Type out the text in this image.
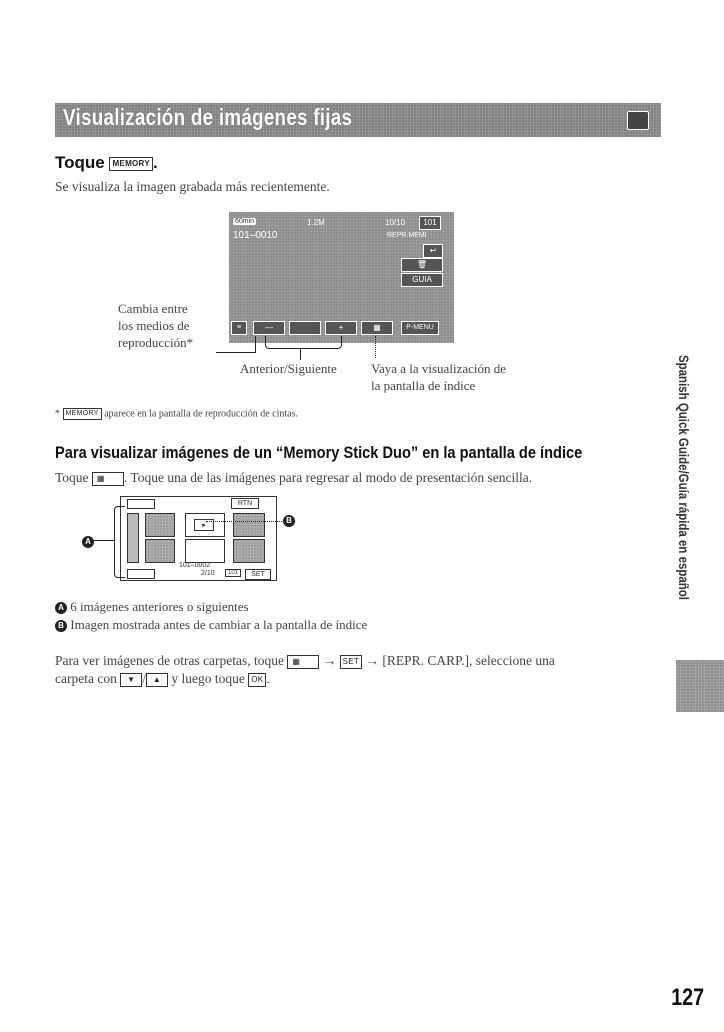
Visualización de imágenes fijas
Toque MEMORY .
Se visualiza la imagen grabada más recientemente.
60min	1.2M	10/10	101
101–0010	REPR.MEMI
↩
🗑
GUIA
≡	—	+	▦	P-MENU
Cambia entre
los medios de
reproducción*
Anterior/Siguiente	Vaya a la visualización de
la pantalla de índice
* MEMORY aparece en la pantalla de reproducción de cintas.
Para visualizar imágenes de un “Memory Stick Duo” en la pantalla de índice
Toque ▦ . Toque una de las imágenes para regresar al modo de presentación sencilla.
RTN
▸
101–0002
2/10	101	SET
A
B
A 6 imágenes anteriores o siguientes
B Imagen mostrada antes de cambiar a la pantalla de índice
Para ver imágenes de otras carpetas, toque ▦ → SET → [REPR. CARP.], seleccione una
carpeta con ▼ / ▲ y luego toque OK .
Spanish Quick Guide/Guía rápida en español
127
